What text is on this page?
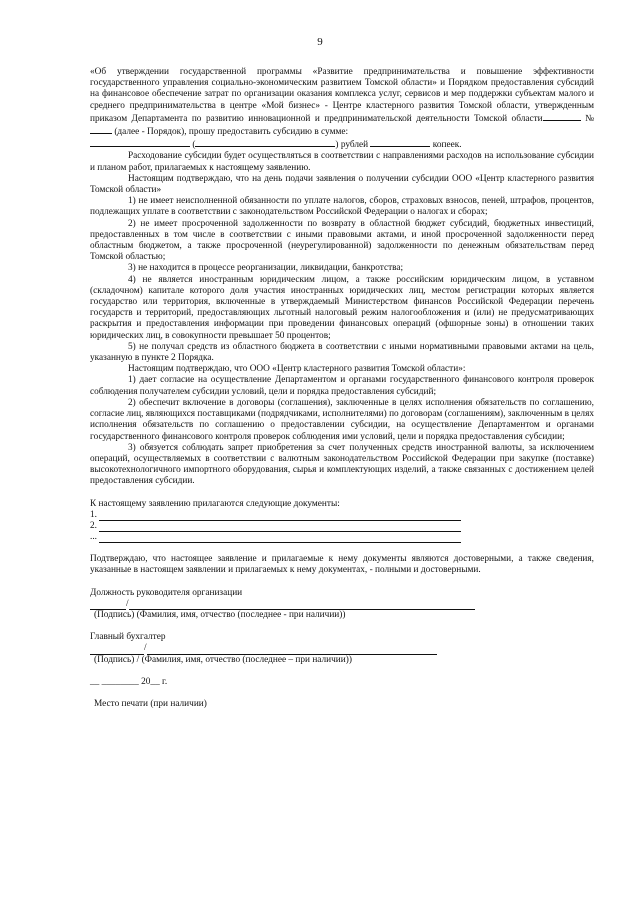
9

«Об утверждении государственной программы «Развитие предпринимательства и повышение эффективности государственного управления социально-экономическим развитием Томской области» и Порядком предоставления субсидий на финансовое обеспечение затрат по организации оказания комплекса услуг, сервисов и мер поддержки субъектам малого и среднего предпринимательства в центре «Мой бизнес» - Центре кластерного развития Томской области, утвержденным приказом Департамента по развитию инновационной и предпринимательской деятельности Томской области	№  (далее - Порядок), прошу предоставить субсидию в сумме:

(	) рублей	копеек.

Расходование субсидии будет осуществляться в соответствии с направлениями расходов на использование субсидии и планом работ, прилагаемых к настоящему заявлению.

Настоящим подтверждаю, что на день подачи заявления о получении субсидии ООО «Центр кластерного развития Томской области»

1) не имеет неисполненной обязанности по уплате налогов, сборов, страховых взносов, пеней, штрафов, процентов, подлежащих уплате в соответствии с законодательством Российской Федерации о налогах и сборах;

2) не имеет просроченной задолженности по возврату в областной бюджет субсидий, бюджетных инвестиций, предоставленных в том числе в соответствии с иными правовыми актами, и иной просроченной задолженности перед областным бюджетом, а также просроченной (неурегулированной) задолженности по денежным обязательствам перед Томской областью;

3) не находится в процессе реорганизации, ликвидации, банкротства;

4) не является иностранным юридическим лицом, а также российским юридическим лицом, в уставном (складочном) капитале которого доля участия иностранных юридических лиц, местом регистрации которых является государство или территория, включенные в утверждаемый Министерством финансов Российской Федерации перечень государств и территорий, предоставляющих льготный налоговый режим налогообложения и (или) не предусматривающих раскрытия и предоставления информации при проведении финансовых операций (офшорные зоны) в отношении таких юридических лиц, в совокупности превышает 50 процентов;

5) не получал средств из областного бюджета в соответствии с иными нормативными правовыми актами на цель, указанную в пункте 2 Порядка.

Настоящим подтверждаю, что ООО «Центр кластерного развития Томской области»:

1) дает согласие на осуществление Департаментом и органами государственного финансового контроля проверок соблюдения получателем субсидии условий, цели и порядка предоставления субсидий;

2) обеспечит включение в договоры (соглашения), заключенные в целях исполнения обязательств по соглашению, согласие лиц, являющихся поставщиками (подрядчиками, исполнителями) по договорам (соглашениям), заключенным в целях исполнения обязательств по соглашению о предоставлении субсидии, на осуществление Департаментом и органами государственного финансового контроля проверок соблюдения ими условий, цели и порядка предоставления субсидии;

3) обязуется соблюдать запрет приобретения за счет полученных средств иностранной валюты, за исключением операций, осуществляемых в соответствии с валютным законодательством Российской Федерации при закупке (поставке) высокотехнологичного импортного оборудования, сырья и комплектующих изделий, а также связанных с достижением целей предоставления субсидии.

К настоящему заявлению прилагаются следующие документы:

1.
2.
...

Подтверждаю, что настоящее заявление и прилагаемые к нему документы являются достоверными, а также сведения, указанные в настоящем заявлении и прилагаемых к нему документах, - полными и достоверными.

Должность руководителя организации

/

(Подпись) (Фамилия, имя, отчество (последнее - при наличии))

Главный бухгалтер

/

(Подпись) / (Фамилия, имя, отчество (последнее – при наличии))

__ ________ 20__ г.

Место печати (при наличии)
